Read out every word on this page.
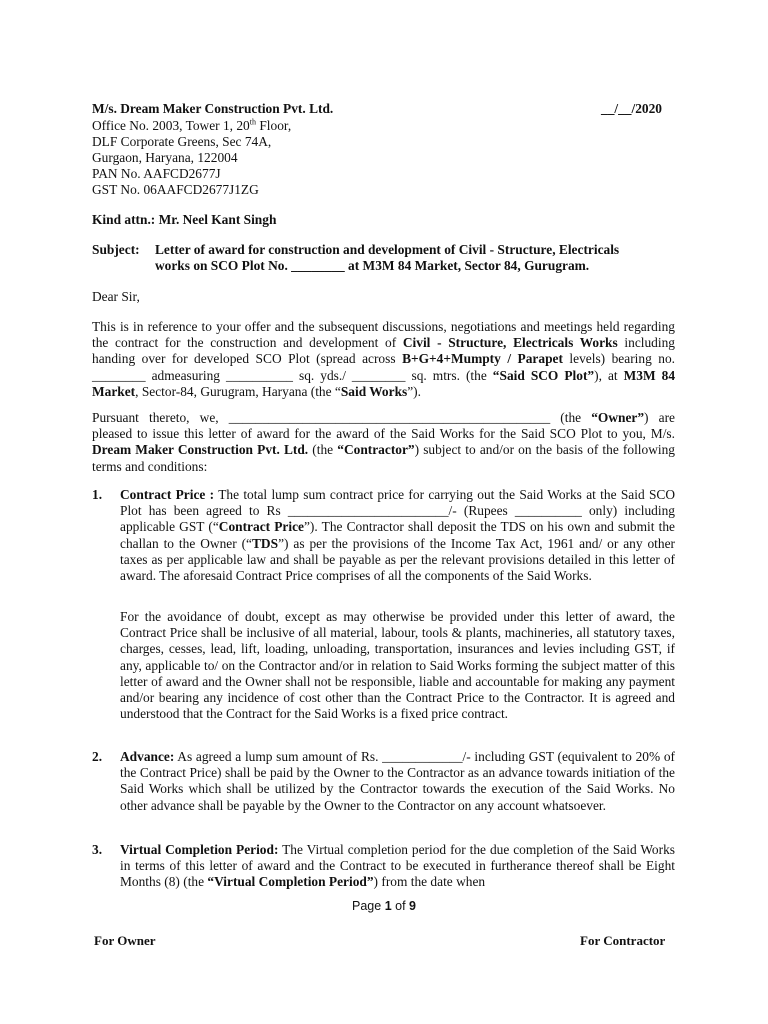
M/s. Dream Maker Construction Pvt. Ltd.	__/__/2020
Office No. 2003, Tower 1, 20th Floor,
DLF Corporate Greens, Sec 74A,
Gurgaon, Haryana, 122004
PAN No. AAFCD2677J
GST No. 06AAFCD2677J1ZG
Kind attn.: Mr. Neel Kant Singh
Subject: Letter of award for construction and development of Civil - Structure, Electricals
works on SCO Plot No. ________ at M3M 84 Market, Sector 84, Gurugram.
Dear Sir,
This is in reference to your offer and the subsequent discussions, negotiations and meetings held regarding the contract for the construction and development of Civil - Structure, Electricals Works including handing over for developed SCO Plot (spread across B+G+4+Mumpty / Parapet levels) bearing no. ________ admeasuring __________ sq. yds./ ________ sq. mtrs. (the “Said SCO Plot”), at M3M 84 Market, Sector-84, Gurugram, Haryana (the “Said Works”).
Pursuant thereto, we, ________________________________________________ (the “Owner”) are pleased to issue this letter of award for the award of the Said Works for the Said SCO Plot to you, M/s. Dream Maker Construction Pvt. Ltd. (the “Contractor”) subject to and/or on the basis of the following terms and conditions:
1. Contract Price : The total lump sum contract price for carrying out the Said Works at the Said SCO Plot has been agreed to Rs ________________________/- (Rupees __________ only) including applicable GST (“Contract Price”). The Contractor shall deposit the TDS on his own and submit the challan to the Owner (“TDS”) as per the provisions of the Income Tax Act, 1961 and/ or any other taxes as per applicable law and shall be payable as per the relevant provisions detailed in this letter of award. The aforesaid Contract Price comprises of all the components of the Said Works.
For the avoidance of doubt, except as may otherwise be provided under this letter of award, the Contract Price shall be inclusive of all material, labour, tools & plants, machineries, all statutory taxes, charges, cesses, lead, lift, loading, unloading, transportation, insurances and levies including GST, if any, applicable to/ on the Contractor and/or in relation to Said Works forming the subject matter of this letter of award and the Owner shall not be responsible, liable and accountable for making any payment and/or bearing any incidence of cost other than the Contract Price to the Contractor. It is agreed and understood that the Contract for the Said Works is a fixed price contract.
2. Advance: As agreed a lump sum amount of Rs. ____________/- including GST (equivalent to 20% of the Contract Price) shall be paid by the Owner to the Contractor as an advance towards initiation of the Said Works which shall be utilized by the Contractor towards the execution of the Said Works. No other advance shall be payable by the Owner to the Contractor on any account whatsoever.
3. Virtual Completion Period: The Virtual completion period for the due completion of the Said Works in terms of this letter of award and the Contract to be executed in furtherance thereof shall be Eight Months (8) (the “Virtual Completion Period”) from the date when
Page 1 of 9
For Owner	For Contractor
